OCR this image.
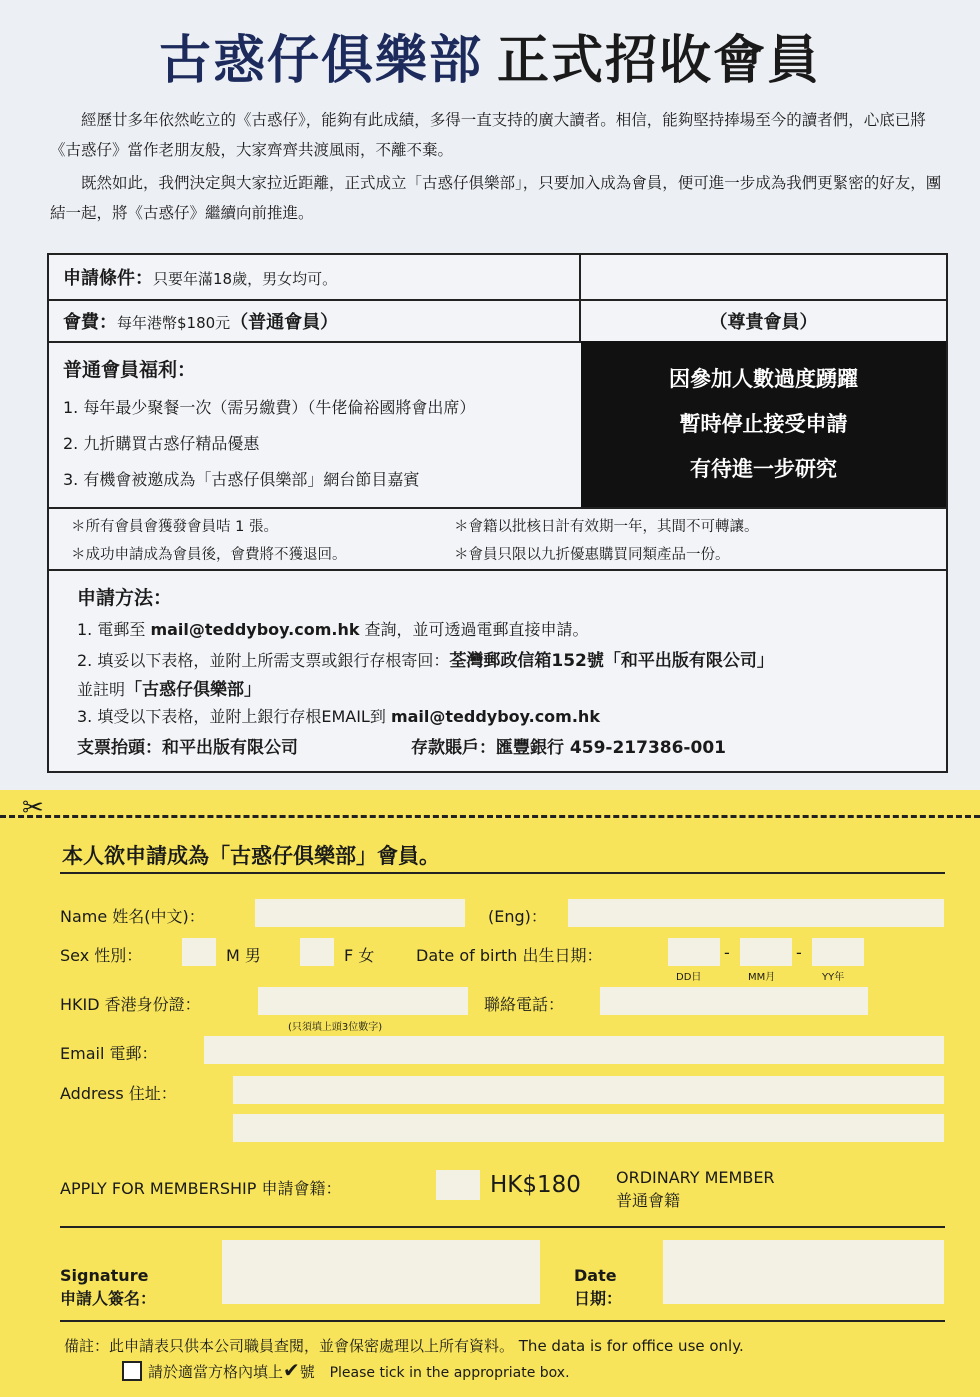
古惑仔俱樂部 正式招收會員

經歷廿多年依然屹立的《古惑仔》，能夠有此成績，多得一直支持的廣大讀者。相信，能夠堅持捧場至今的讀者們，心底已將《古惑仔》當作老朋友般，大家齊齊共渡風雨，不離不棄。

既然如此，我們決定與大家拉近距離，正式成立「古惑仔俱樂部」，只要加入成為會員，便可進一步成為我們更緊密的好友，團結一起，將《古惑仔》繼續向前推進。

申請條件：只要年滿18歲，男女均可。
會費：每年港幣$180元（普通會員）	（尊貴會員）
普通會員福利：
1. 每年最少聚餐一次（需另繳費）（牛佬倫裕國將會出席）
2. 九折購買古惑仔精品優惠
3. 有機會被邀成為「古惑仔俱樂部」網台節目嘉賓
因參加人數過度踴躍
暫時停止接受申請
有待進一步研究
＊所有會員會獲發會員咭 1 張。	＊會籍以批核日計有效期一年，其間不可轉讓。
＊成功申請成為會員後，會費將不獲退回。	＊會員只限以九折優惠購買同類產品一份。
申請方法：
1. 電郵至 mail@teddyboy.com.hk 查詢，並可透過電郵直接申請。
2. 填妥以下表格，並附上所需支票或銀行存根寄回：荃灣郵政信箱152號「和平出版有限公司」
並註明「古惑仔俱樂部」
3. 填受以下表格，並附上銀行存根EMAIL到 mail@teddyboy.com.hk
支票抬頭：和平出版有限公司	存款賬戶：匯豐銀行 459-217386-001
✂
本人欲申請成為「古惑仔俱樂部」會員。
Name 姓名(中文)：	(Eng)：
Sex 性別：	M 男	F 女	Date of birth 出生日期：	-	-
DD日	MM月	YY年
HKID 香港身份證：
(只須填上頭3位數字)
聯絡電話：
Email 電郵：
Address 住址：
APPLY FOR MEMBERSHIP 申請會籍：	HK$180 ORDINARY MEMBER
普通會籍
Signature
申請人簽名：
Date
日期：
備註：此申請表只供本公司職員查閱，並會保密處理以上所有資料。 The data is for office use only.
請於適當方格內填上✔號 Please tick in the appropriate box.
